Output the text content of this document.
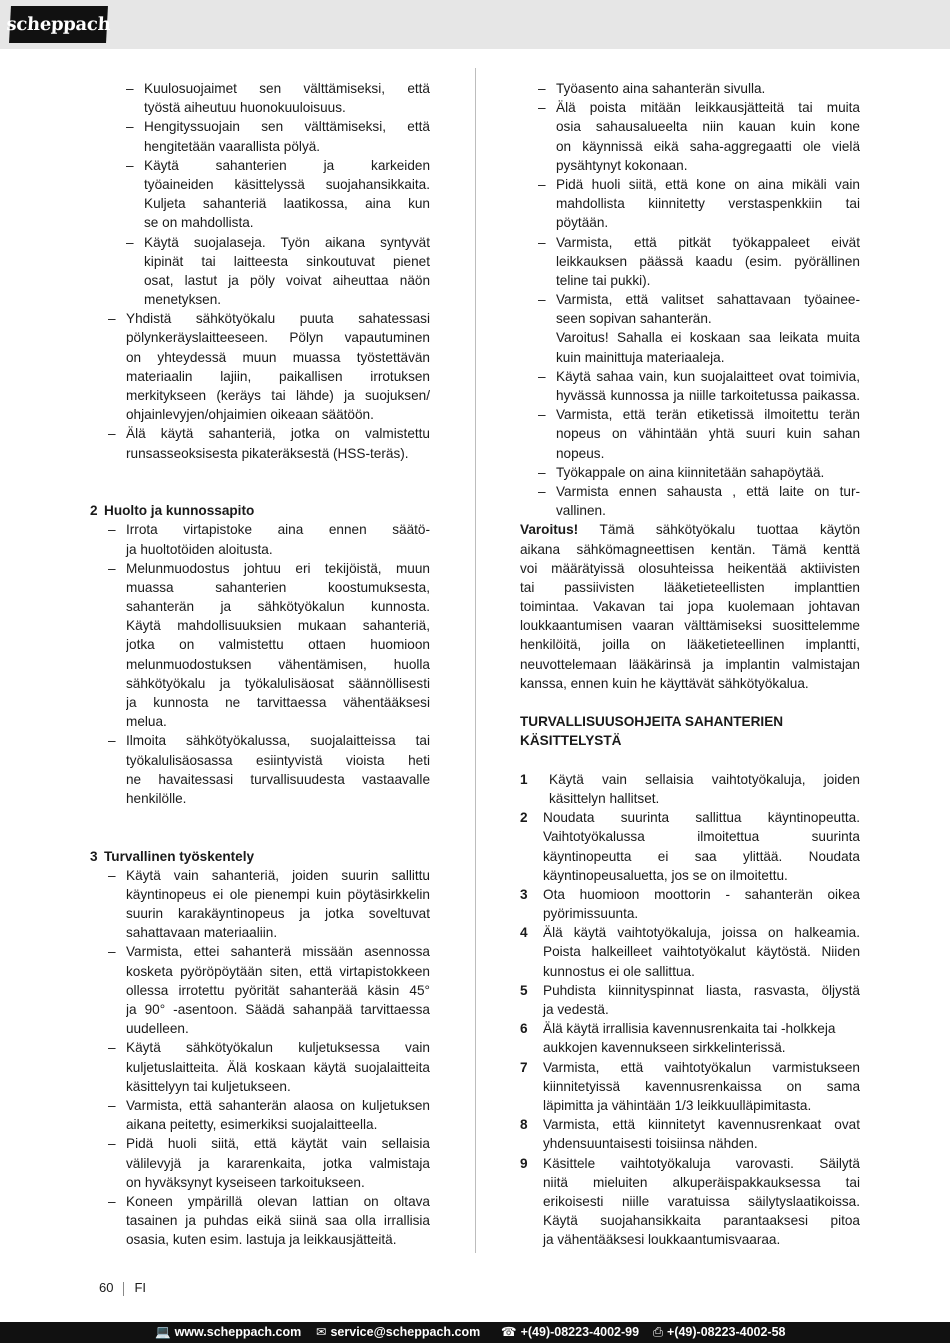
scheppach
– Kuulosuojaimet sen välttämiseksi, että
työstä aiheutuu huonokuuloisuus.
– Hengityssuojain sen välttämiseksi, että
hengitetään vaarallista pölyä.
– Käytä sahanterien ja karkeiden
työaineiden käsittelyssä suojahansikkaita.
Kuljeta sahanteriä laatikossa, aina kun
se on mahdollista.
– Käytä suojalaseja. Työn aikana syntyvät
kipinät tai laitteesta sinkoutuvat pienet
osat, lastut ja pöly voivat aiheuttaa näön
menetyksen.
– Yhdistä sähkötyökalu puuta sahatessasi
pölynkeräyslaitteeseen. Pölyn vapautuminen
on yhteydessä muun muassa työstettävän
materiaalin lajiin, paikallisen irrotuksen
merkitykseen (keräys tai lähde) ja suojuksen/
ohjainlevyjen/ohjaimien oikeaan säätöön.
– Älä käytä sahanteriä, jotka on valmistettu
runsasseoksisesta pikateräksestä (HSS-teräs).
2 Huolto ja kunnossapito
– Irrota virtapistoke aina ennen säätö-
ja huoltotöiden aloitusta.
– Melunmuodostus johtuu eri tekijöistä, muun
muassa sahanterien koostumuksesta,
sahanterän ja sähkötyökalun kunnosta.
Käytä mahdollisuuksien mukaan sahanteriä,
jotka on valmistettu ottaen huomioon
melunmuodostuksen vähentämisen, huolla
sähkötyökalu ja työkalulisäosat säännöllisesti
ja kunnosta ne tarvittaessa vähentääksesi
melua.
– Ilmoita sähkötyökalussa, suojalaitteissa tai
työkalulisäosassa esiintyvistä vioista heti
ne havaitessasi turvallisuudesta vastaavalle
henkilölle.
3 Turvallinen työskentely
– Käytä vain sahanteriä, joiden suurin sallittu
käyntinopeus ei ole pienempi kuin pöytäsirkkelin
suurin karakäyntinopeus ja jotka soveltuvat
sahattavaan materiaaliin.
– Varmista, ettei sahanterä missään asennossa
kosketa pyöröpöytään siten, että virtapistokkeen
ollessa irrotettu pyörität sahanterää käsin 45°
ja 90° -asentoon. Säädä sahanpää tarvittaessa
uudelleen.
– Käytä sähkötyökalun kuljetuksessa vain
kuljetuslaitteita. Älä koskaan käytä suojalaitteita
käsittelyyn tai kuljetukseen.
– Varmista, että sahanterän alaosa on kuljetuksen
aikana peitetty, esimerkiksi suojalaitteella.
– Pidä huoli siitä, että käytät vain sellaisia
välilevyjä ja kararenkaita, jotka valmistaja
on hyväksynyt kyseiseen tarkoitukseen.
– Koneen ympärillä olevan lattian on oltava
tasainen ja puhdas eikä siinä saa olla irrallisia
osasia, kuten esim. lastuja ja leikkausjätteitä.
– Työasento aina sahanterän sivulla.
– Älä poista mitään leikkausjätteitä tai muita
osia sahausalueelta niin kauan kuin kone
on käynnissä eikä saha-aggregaatti ole vielä
pysähtynyt kokonaan.
– Pidä huoli siitä, että kone on aina mikäli vain
mahdollista kiinnitetty verstaspenkkiin tai
pöytään.
– Varmista, että pitkät työkappaleet eivät
leikkauksen päässä kaadu (esim. pyörällinen
teline tai pukki).
– Varmista, että valitset sahattavaan työainee-
seen sopivan sahanterän.
Varoitus! Sahalla ei koskaan saa leikata muita
kuin mainittuja materiaaleja.
– Käytä sahaa vain, kun suojalaitteet ovat toimivia,
hyvässä kunnossa ja niille tarkoitetussa paikassa.
– Varmista, että terän etiketissä ilmoitettu terän
nopeus on vähintään yhtä suuri kuin sahan
nopeus.
– Työkappale on aina kiinnitetään sahapöytää.
– Varmista ennen sahausta , että laite on tur-
vallinen.
Varoitus! Tämä sähkötyökalu tuottaa käytön
aikana sähkömagneettisen kentän. Tämä kenttä
voi määrätyissä olosuhteissa heikentää aktiivisten
tai passiivisten lääketieteellisten implanttien
toimintaa. Vakavan tai jopa kuolemaan johtavan
loukkaantumisen vaaran välttämiseksi suosittelemme
henkilöitä, joilla on lääketieteellinen implantti,
neuvottelemaan lääkärinsä ja implantin valmistajan
kanssa, ennen kuin he käyttävät sähkötyökalua.
TURVALLISUUSOHJEITA SAHANTERIEN
KÄSITTELYSTÄ
1 Käytä vain sellaisia vaihtotyökaluja, joiden
käsittelyn hallitset.
2 Noudata suurinta sallittua käyntinopeutta.
Vaihtotyökalussa ilmoitettua suurinta
käyntinopeutta ei saa ylittää. Noudata
käyntinopeusaluetta, jos se on ilmoitettu.
3 Ota huomioon moottorin - sahanterän oikea
pyörimissuunta.
4 Älä käytä vaihtotyökaluja, joissa on halkeamia.
Poista halkeilleet vaihtotyökalut käytöstä. Niiden
kunnostus ei ole sallittua.
5 Puhdista kiinnityspinnat liasta, rasvasta, öljystä
ja vedestä.
6 Älä käytä irrallisia kavennusrenkaita tai -holkkeja
aukkojen kavennukseen sirkkelinterissä.
7 Varmista, että vaihtotyökalun varmistukseen
kiinnitetyissä kavennusrenkaissa on sama
läpimitta ja vähintään 1/3 leikkuulläpimitasta.
8 Varmista, että kiinnitetyt kavennusrenkaat ovat
yhdensuuntaisesti toisiinsa nähden.
9 Käsittele vaihtotyökaluja varovasti. Säilytä
niitä mieluiten alkuperäispakkauksessa tai
erikoisesti niille varatuissa säilytyslaatikoissa.
Käytä suojahansikkaita parantaaksesi pitoa
ja vähentääksesi loukkaantumisvaaraa.
60 FI
💻 www.scheppach.com ✉ service@scheppach.com ☎ +(49)-08223-4002-99 ⎙ +(49)-08223-4002-58
